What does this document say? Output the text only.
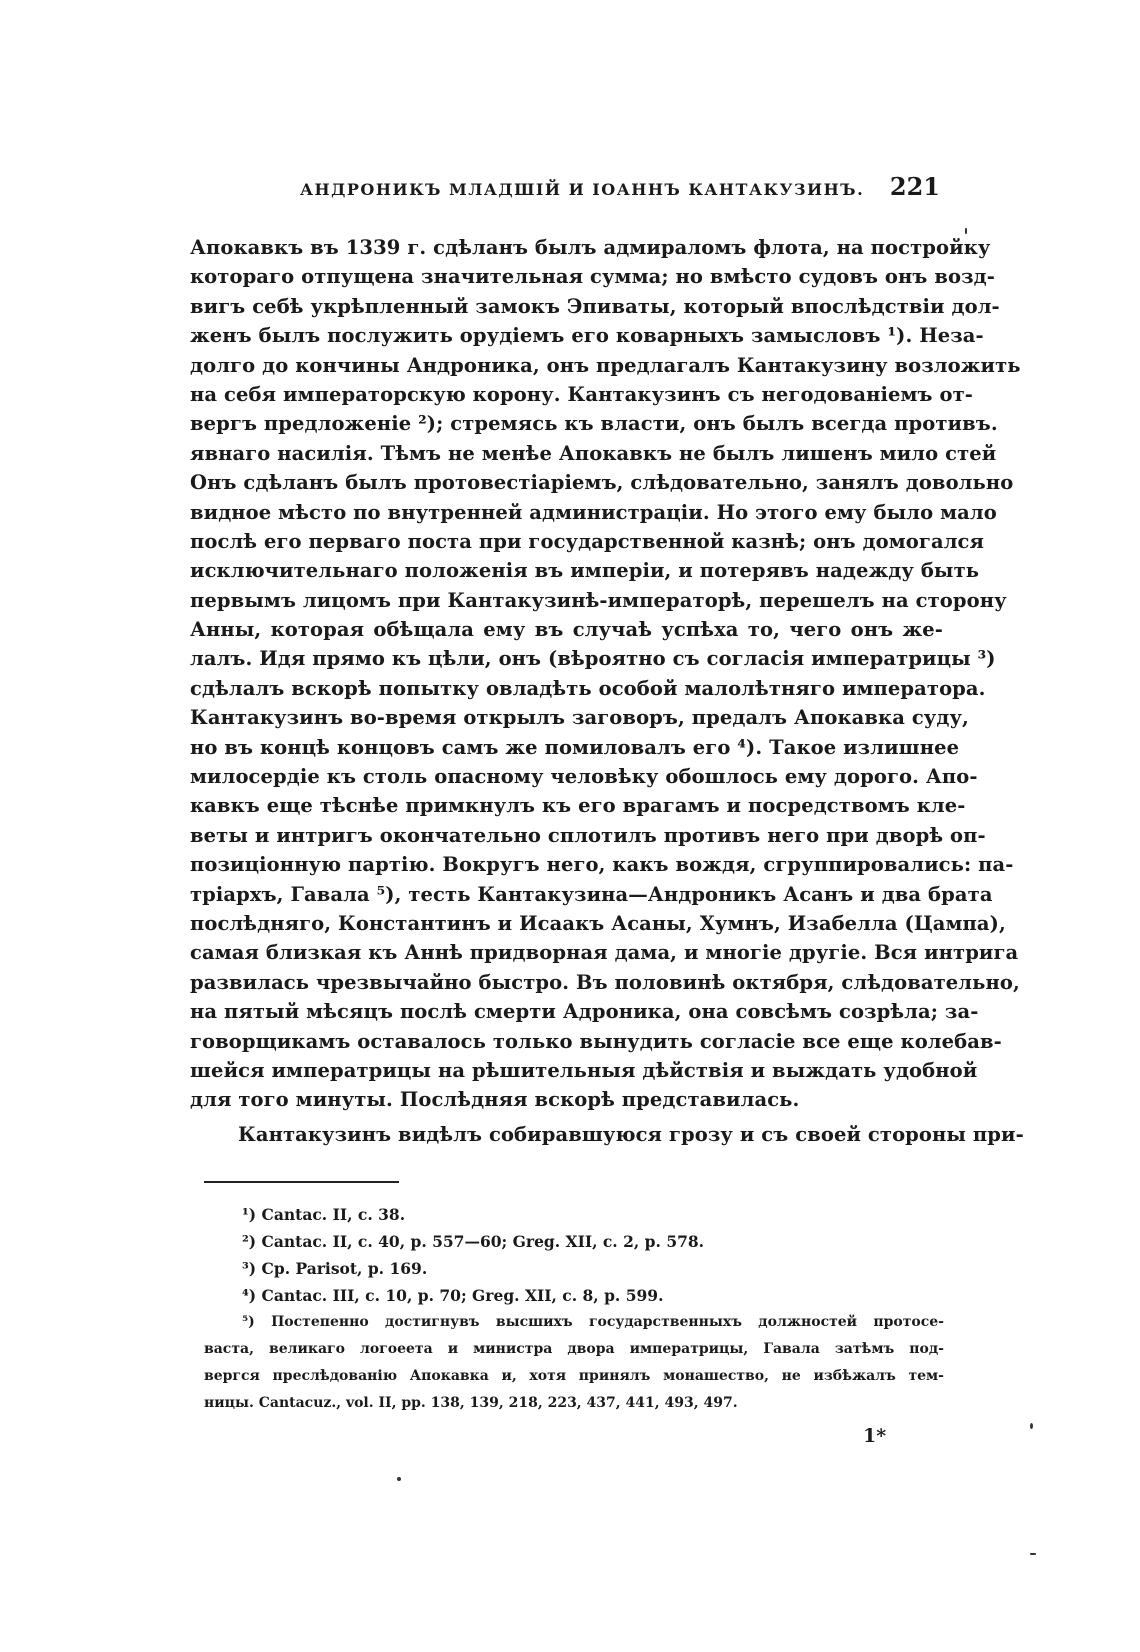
АНДРОНИКЪ МЛАДШІЙ И ІОАННЪ КАНТАКУЗИНЪ. 221
Апокавкъ въ 1339 г. сдѣланъ былъ адмираломъ флота, на постройку
котораго отпущена значительная сумма; но вмѣсто судовъ онъ возд-
вигъ себѣ укрѣпленный замокъ Эпиваты, который впослѣдствіи дол-
женъ былъ послужить орудіемъ его коварныхъ замысловъ ¹). Неза-
долго до кончины Андроника, онъ предлагалъ Кантакузину возложить
на себя императорскую корону. Кантакузинъ съ негодованіемъ от-
вергъ предложеніе ²); стремясь къ власти, онъ былъ всегда противъ.
явнаго насилія. Тѣмъ не менѣе Апокавкъ не былъ лишенъ мило стей
Онъ сдѣланъ былъ протовестіаріемъ, слѣдовательно, занялъ довольно
видное мѣсто по внутренней администраціи. Но этого ему было мало
послѣ его перваго поста при государственной казнѣ; онъ домогался
исключительнаго положенія въ имперіи, и потерявъ надежду быть
первымъ лицомъ при Кантакузинѣ-императорѣ, перешелъ на сторону
Анны, которая обѣщала ему въ случаѣ успѣха то, чего онъ же-
лалъ. Идя прямо къ цѣли, онъ (вѣроятно съ согласія императрицы ³)
сдѣлалъ вскорѣ попытку овладѣть особой малолѣтняго императора.
Кантакузинъ во-время открылъ заговоръ, предалъ Апокавка суду,
но въ концѣ концовъ самъ же помиловалъ его ⁴). Такое излишнее
милосердіе къ столь опасному человѣку обошлось ему дорого. Апо-
кавкъ еще тѣснѣе примкнулъ къ его врагамъ и посредствомъ кле-
веты и интригъ окончательно сплотилъ противъ него при дворѣ оп-
позиціонную партію. Вокругъ него, какъ вождя, сгруппировались: па-
тріархъ, Гавала ⁵), тесть Кантакузина—Андроникъ Асанъ и два брата
послѣдняго, Константинъ и Исаакъ Асаны, Хумнъ, Изабелла (Цампа),
самая близкая къ Аннѣ придворная дама, и многіе другіе. Вся интрига
развилась чрезвычайно быстро. Въ половинѣ октября, слѣдовательно,
на пятый мѣсяцъ послѣ смерти Адроника, она совсѣмъ созрѣла; за-
говорщикамъ оставалось только вынудить согласіе все еще колебав-
шейся императрицы на рѣшительныя дѣйствія и выждать удобной
для того минуты. Послѣдняя вскорѣ представилась.
Кантакузинъ видѣлъ собиравшуюся грозу и съ своей стороны при-
¹) Cantac. II, c. 38.
²) Cantac. II, c. 40, p. 557—60; Greg. XII, c. 2, p. 578.
³) Cp. Parisot, p. 169.
⁴) Cantac. III, c. 10, p. 70; Greg. XII, c. 8, p. 599.
⁵) Постепенно достигнувъ высшихъ государственныхъ должностей протосе-
васта, великаго логоеета и министра двора императрицы, Гавала затѣмъ под-
вергся преслѣдованію Апокавка и, хотя принялъ монашество, не избѣжалъ тем-
ницы. Cantacuz., vol. II, pp. 138, 139, 218, 223, 437, 441, 493, 497.
1*
